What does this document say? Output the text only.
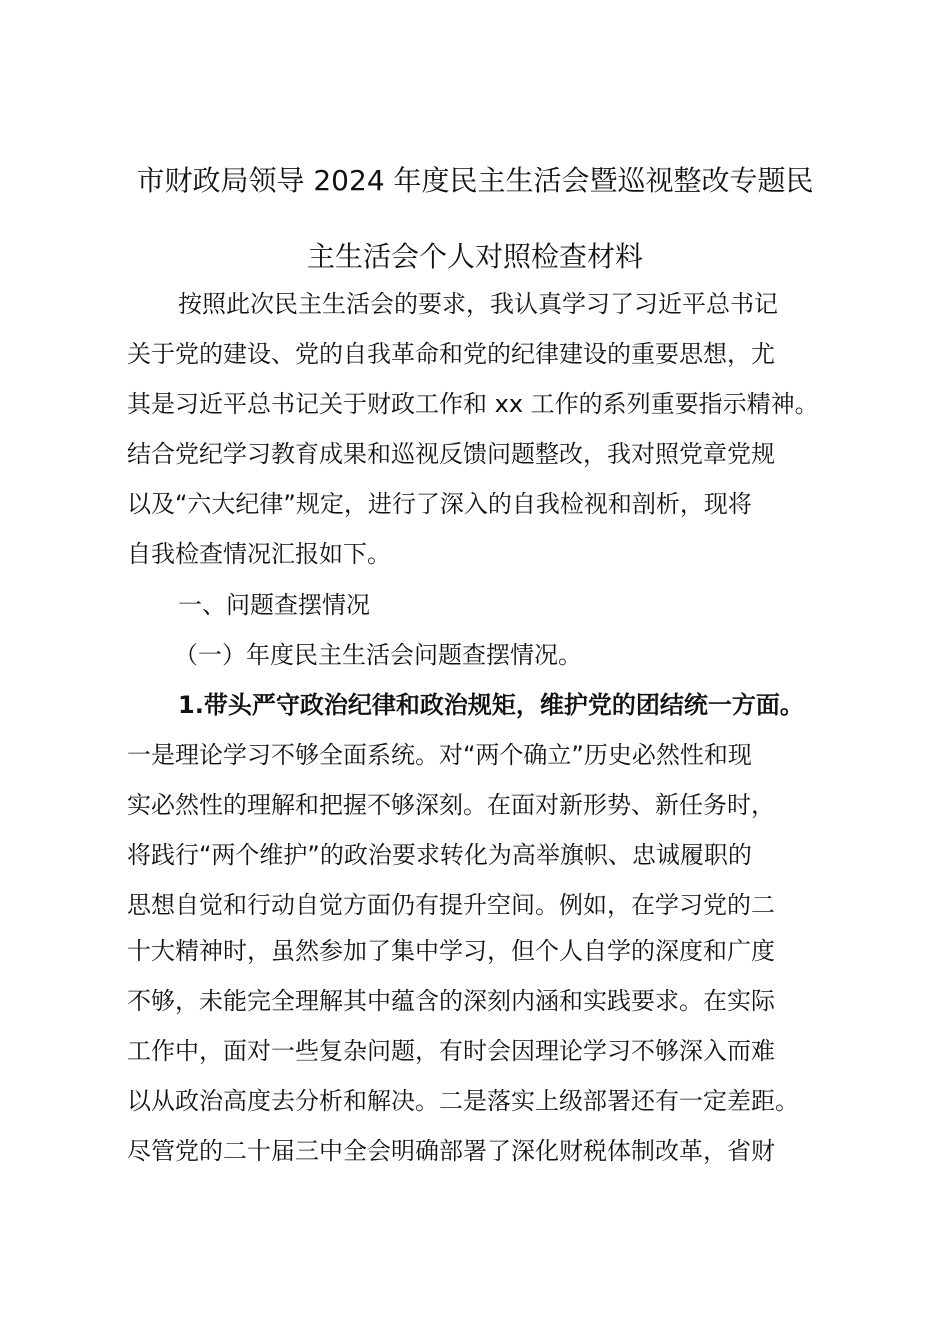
市财政局领导 2024 年度民主生活会暨巡视整改专题民
主生活会个人对照检查材料

按照此次民主生活会的要求，我认真学习了习近平总书记

关于党的建设、党的自我革命和党的纪律建设的重要思想，尤

其是习近平总书记关于财政工作和 xx 工作的系列重要指示精神。

结合党纪学习教育成果和巡视反馈问题整改，我对照党章党规

以及“六大纪律”规定，进行了深入的自我检视和剖析，现将

自我检查情况汇报如下。

一、问题查摆情况

（一）年度民主生活会问题查摆情况。

1.带头严守政治纪律和政治规矩，维护党的团结统一方面。

一是理论学习不够全面系统。对“两个确立”历史必然性和现

实必然性的理解和把握不够深刻。在面对新形势、新任务时，

将践行“两个维护”的政治要求转化为高举旗帜、忠诚履职的

思想自觉和行动自觉方面仍有提升空间。例如，在学习党的二

十大精神时，虽然参加了集中学习，但个人自学的深度和广度

不够，未能完全理解其中蕴含的深刻内涵和实践要求。在实际

工作中，面对一些复杂问题，有时会因理论学习不够深入而难

以从政治高度去分析和解决。二是落实上级部署还有一定差距。

尽管党的二十届三中全会明确部署了深化财税体制改革，省财
